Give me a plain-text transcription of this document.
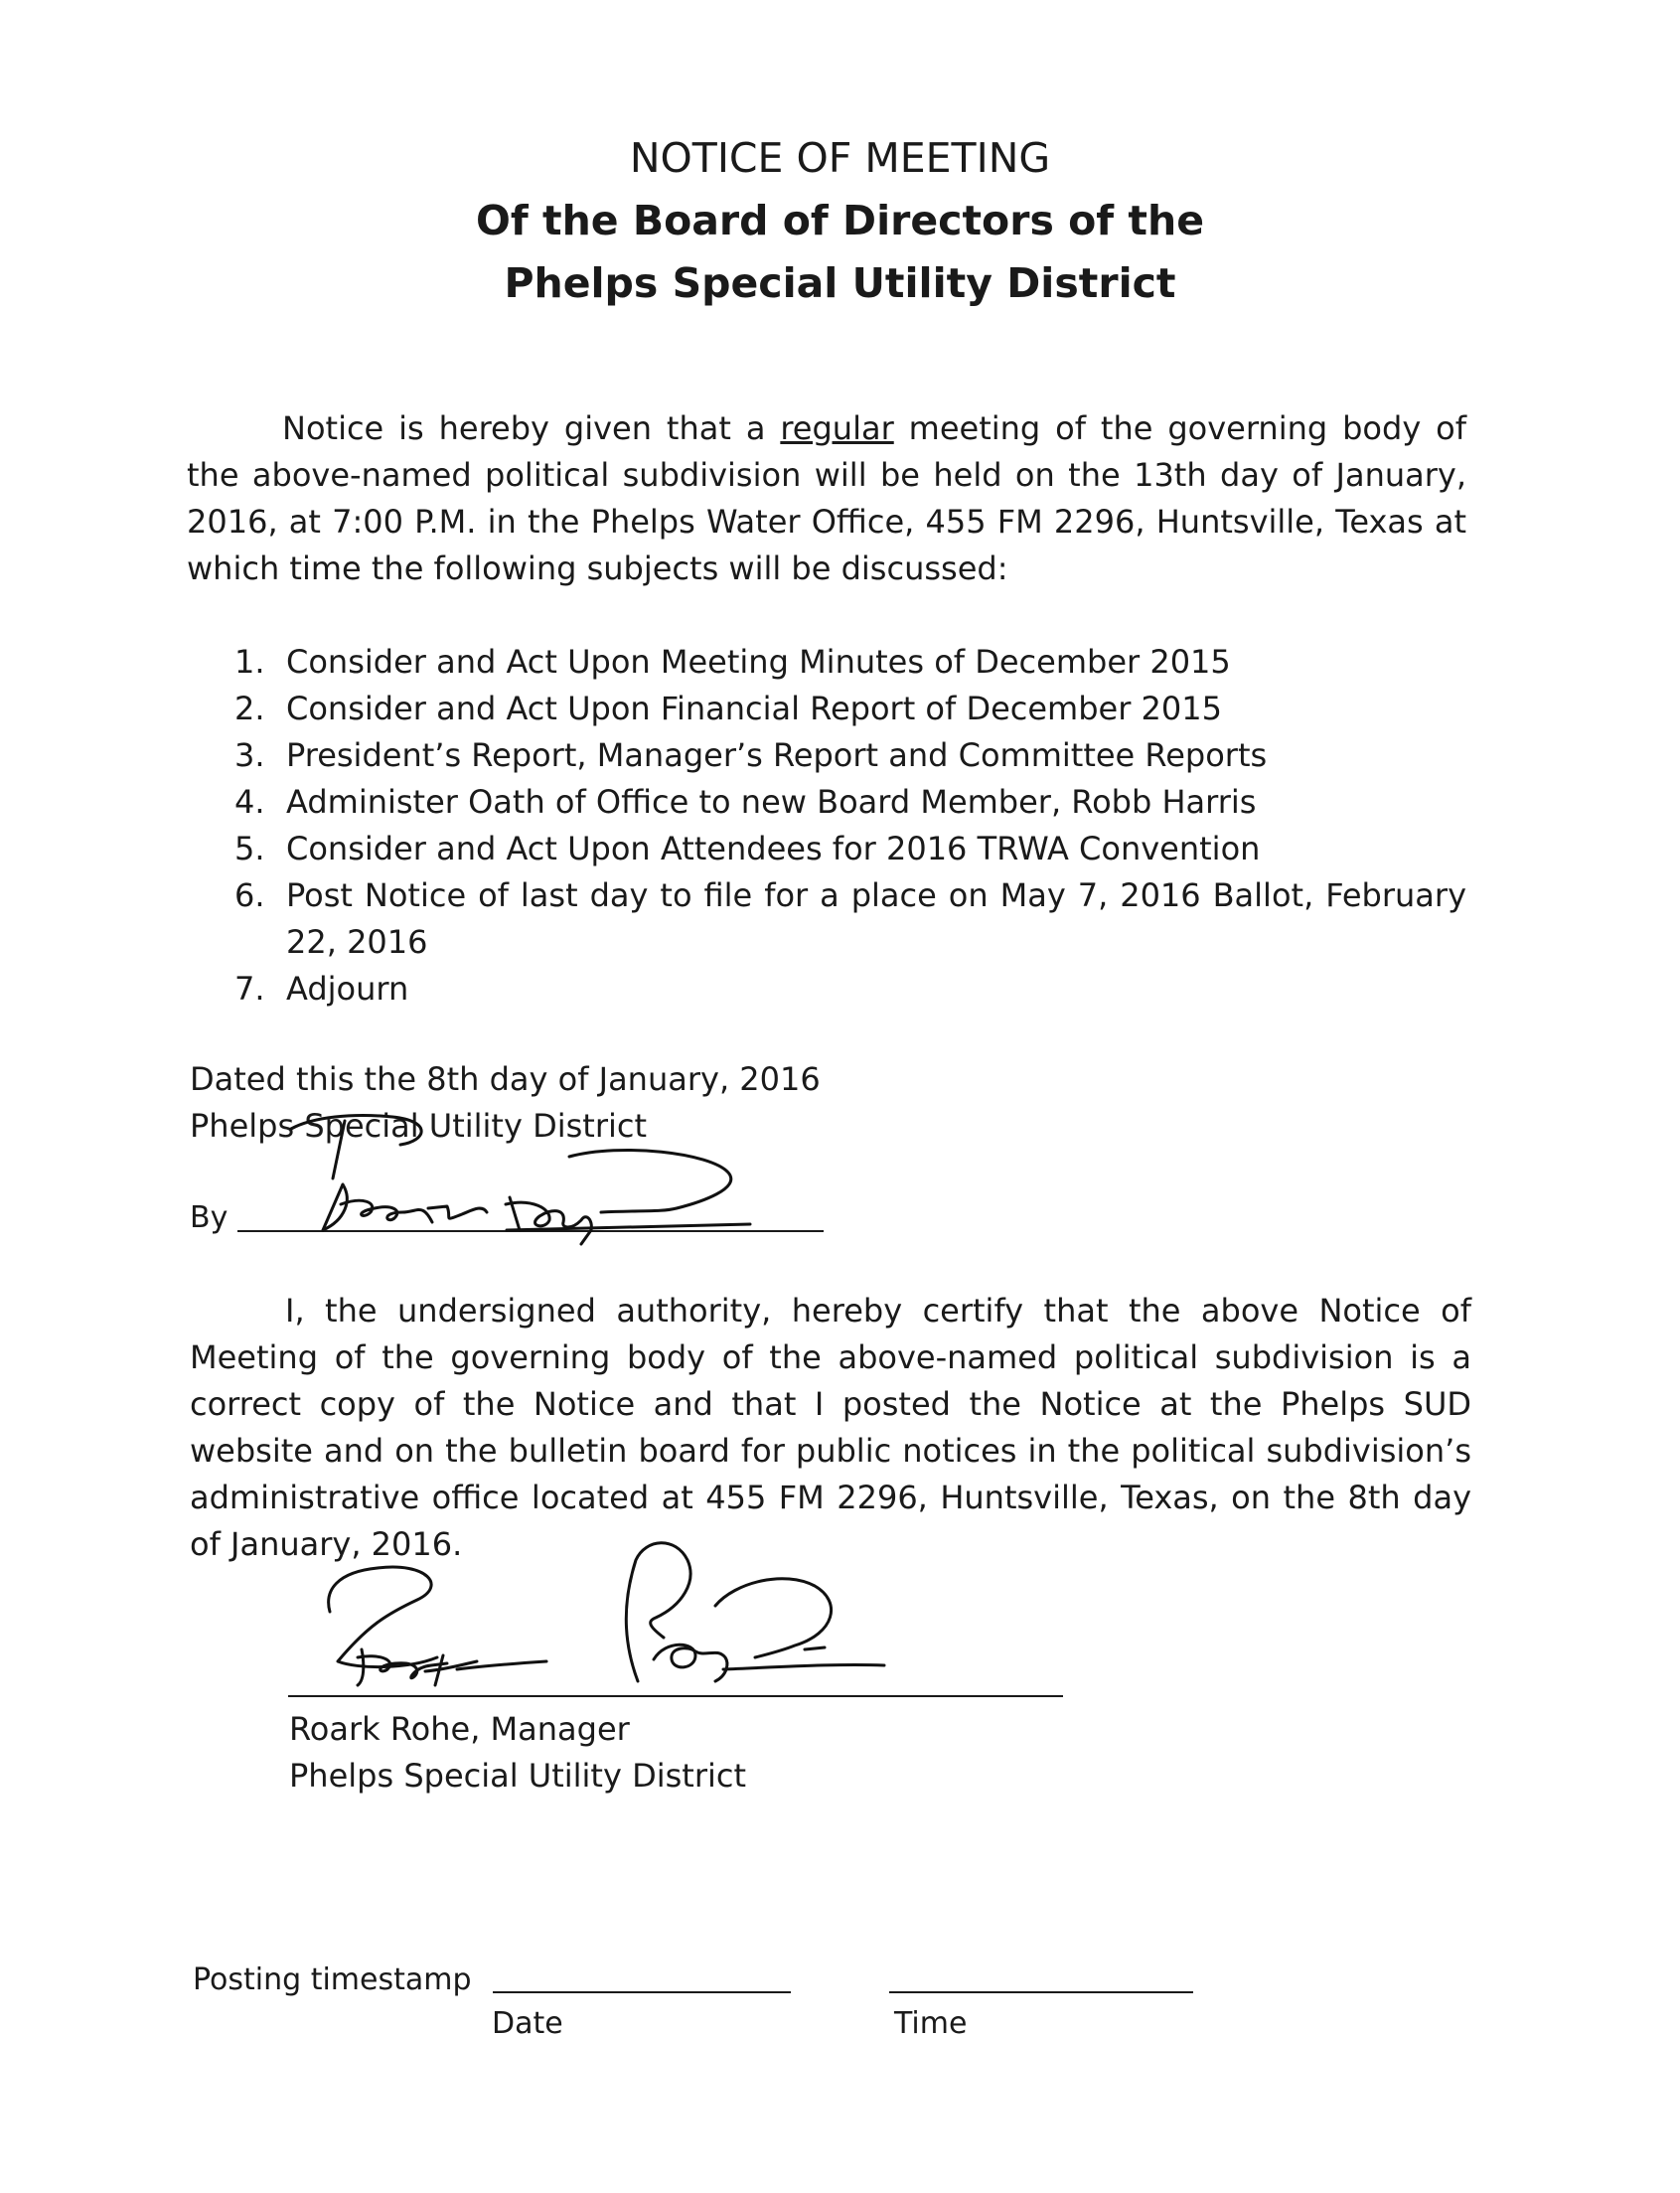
NOTICE OF MEETING
Of the Board of Directors of the
Phelps Special Utility District

Notice is hereby given that a regular meeting of the governing body of the above-named political subdivision will be held on the 13th day of January, 2016, at 7:00 P.M. in the Phelps Water Office, 455 FM 2296, Huntsville, Texas at which time the following subjects will be discussed:

1. Consider and Act Upon Meeting Minutes of December 2015
2. Consider and Act Upon Financial Report of December 2015
3. President’s Report, Manager’s Report and Committee Reports
4. Administer Oath of Office to new Board Member, Robb Harris
5. Consider and Act Upon Attendees for 2016 TRWA Convention
6. Post Notice of last day to file for a place on May 7, 2016 Ballot, February 22, 2016
7. Adjourn
Dated this the 8th day of January, 2016
Phelps Special Utility District
By

I, the undersigned authority, hereby certify that the above Notice of Meeting of the governing body of the above-named political subdivision is a correct copy of the Notice and that I posted the Notice at the Phelps SUD website and on the bulletin board for public notices in the political subdivision’s administrative office located at 455 FM 2296, Huntsville, Texas, on the 8th day of January, 2016.

Roark Rohe, Manager
Phelps Special Utility District
Posting timestamp
Date	Time
